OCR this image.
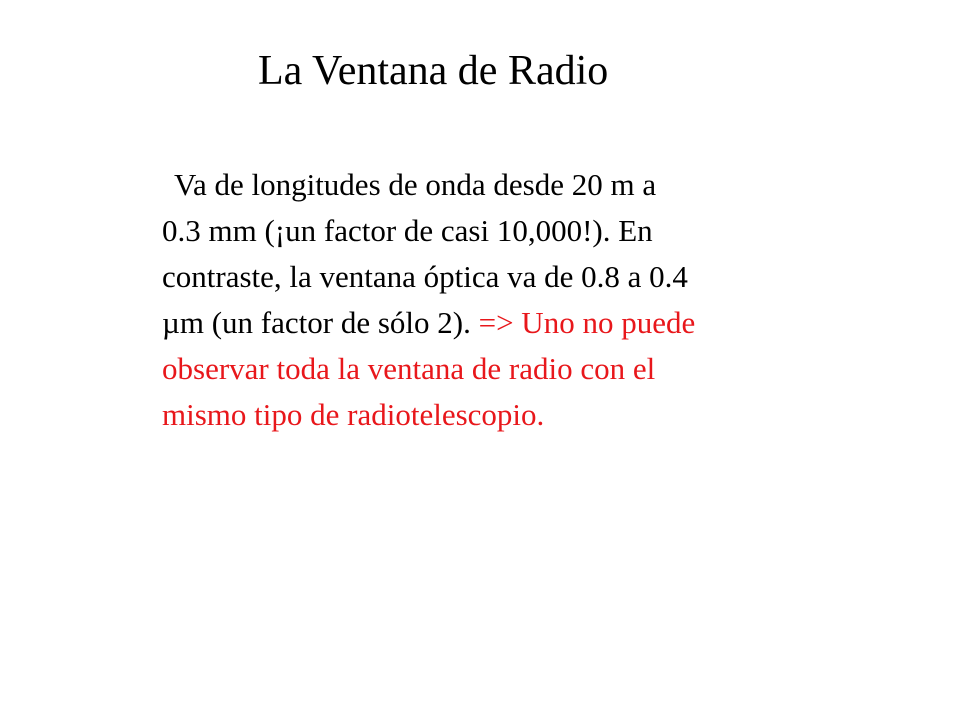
La Ventana de Radio
Va de longitudes de onda desde 20 m a
0.3 mm (¡un factor de casi 10,000!). En
contraste, la ventana óptica va de 0.8 a 0.4
µm (un factor de sólo 2). => Uno no puede
observar toda la ventana de radio con el
mismo tipo de radiotelescopio.
